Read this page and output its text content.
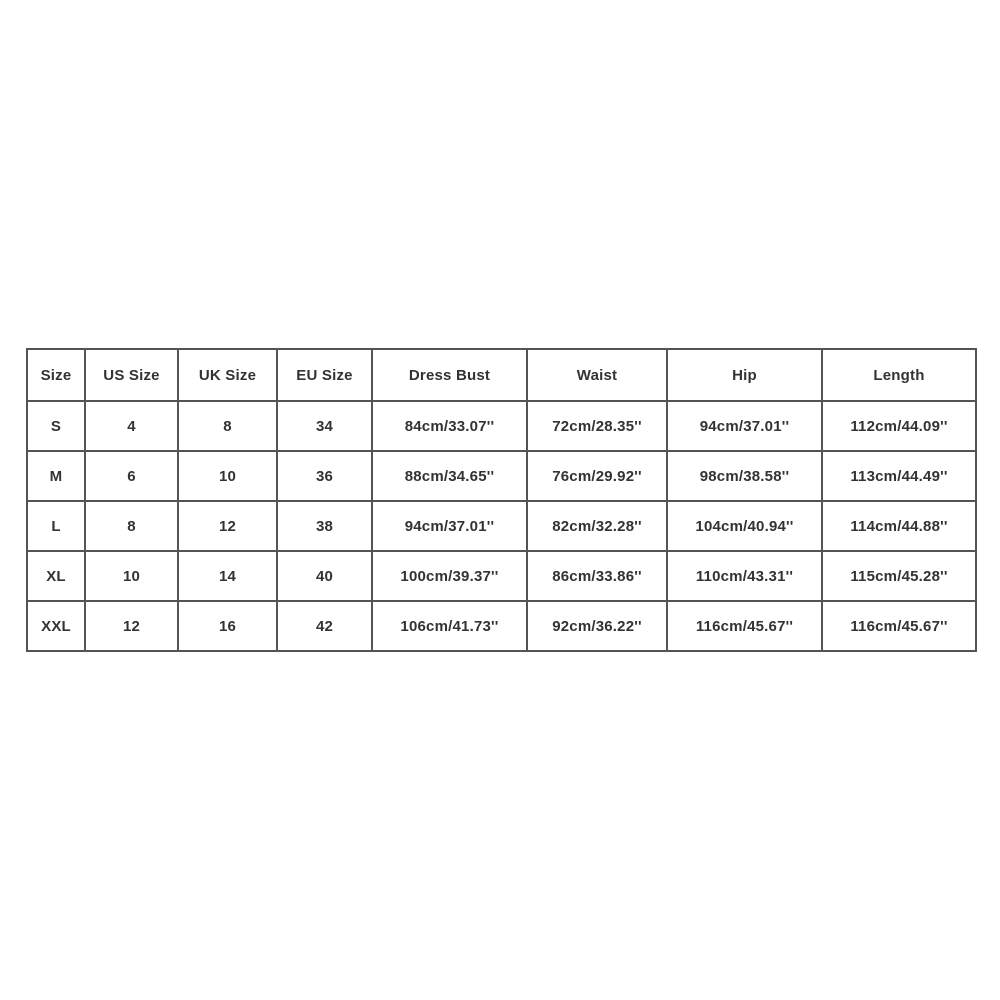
Size	US Size	UK Size	EU Size	Dress Bust	Waist	Hip	Length
S	4	8	34	84cm/33.07''	72cm/28.35''	94cm/37.01''	112cm/44.09''
M	6	10	36	88cm/34.65''	76cm/29.92''	98cm/38.58''	113cm/44.49''
L	8	12	38	94cm/37.01''	82cm/32.28''	104cm/40.94''	114cm/44.88''
XL	10	14	40	100cm/39.37''	86cm/33.86''	110cm/43.31''	115cm/45.28''
XXL	12	16	42	106cm/41.73''	92cm/36.22''	116cm/45.67''	116cm/45.67''
